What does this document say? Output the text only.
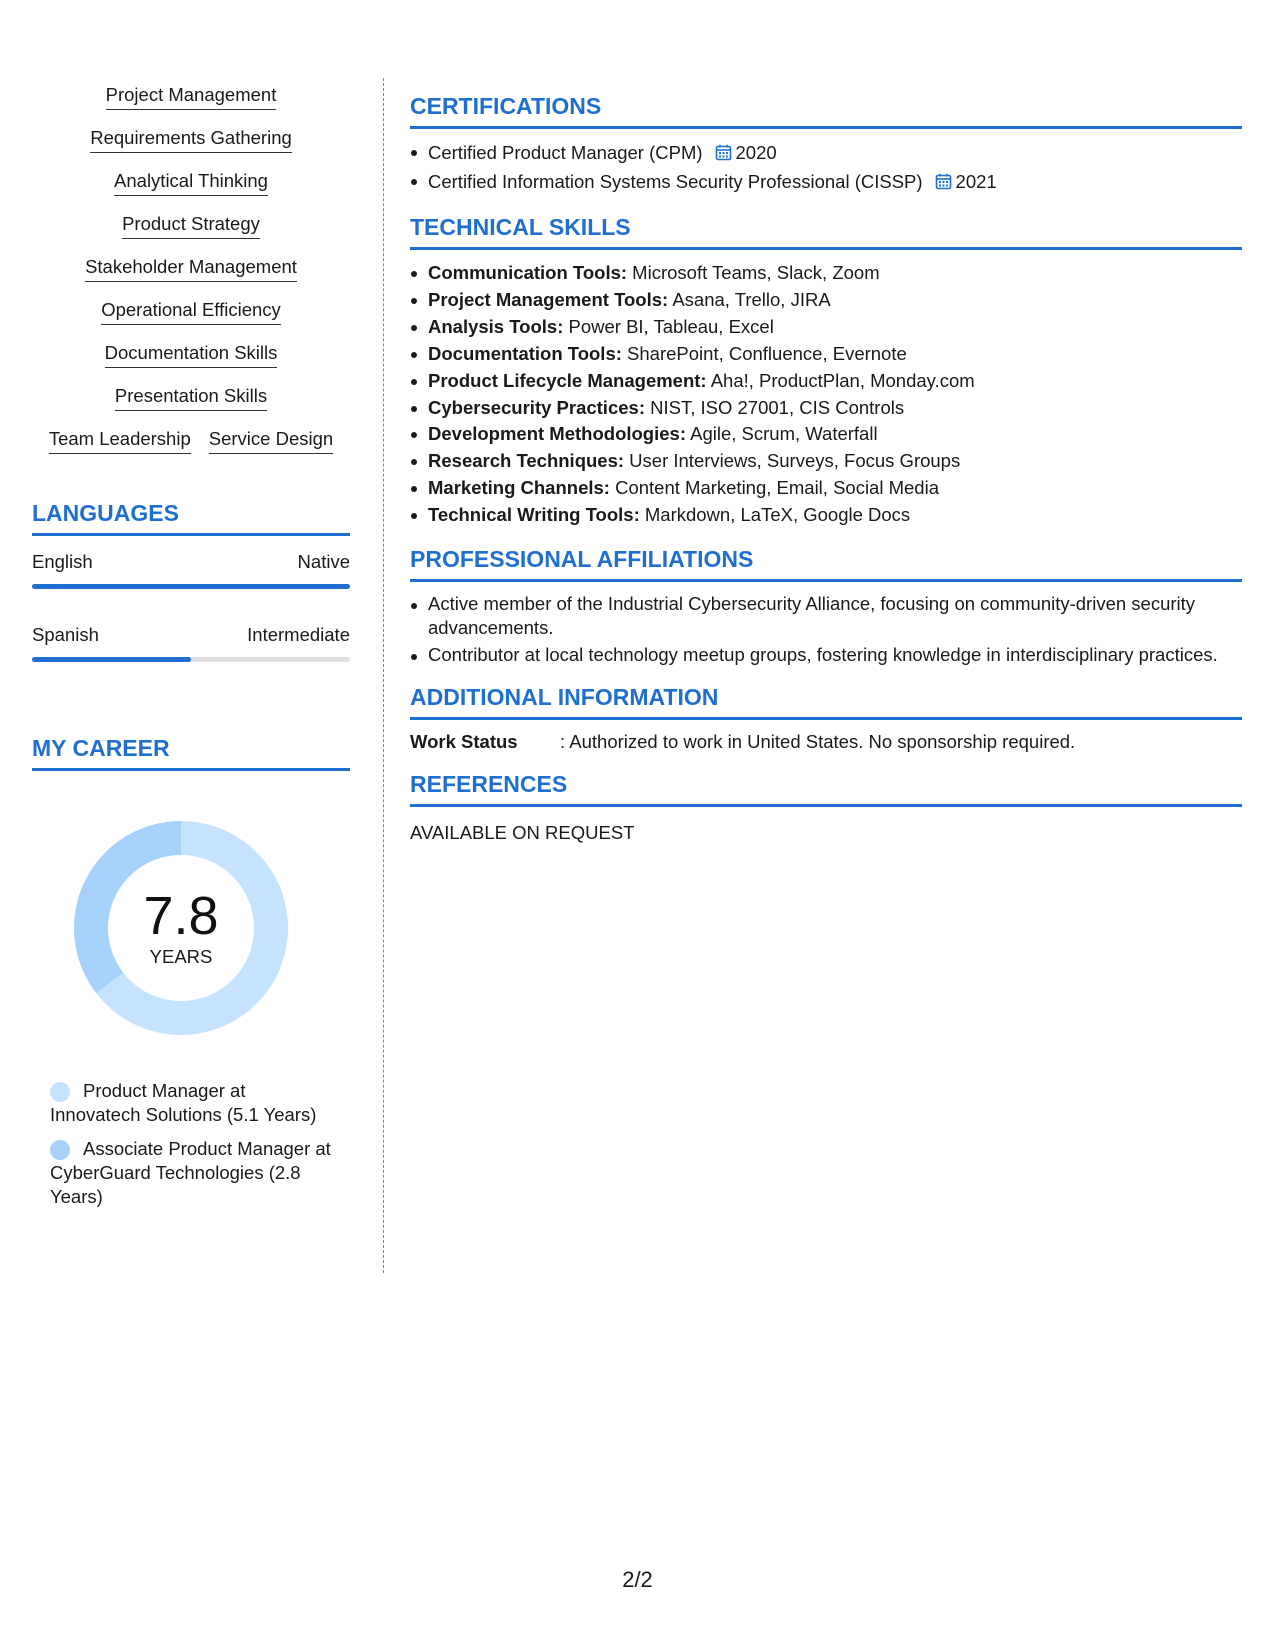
Project Management
Requirements Gathering
Analytical Thinking
Product Strategy
Stakeholder Management
Operational Efficiency
Documentation Skills
Presentation Skills
Team Leadership Service Design
LANGUAGES
English	Native
Spanish	Intermediate
MY CAREER
7.8
YEARS
Product Manager at Innovatech Solutions (5.1 Years)
Associate Product Manager at CyberGuard Technologies (2.8 Years)
CERTIFICATIONS
Certified Product Manager (CPM) 2020
Certified Information Systems Security Professional (CISSP) 2021
TECHNICAL SKILLS
Communication Tools: Microsoft Teams, Slack, Zoom
Project Management Tools: Asana, Trello, JIRA
Analysis Tools: Power BI, Tableau, Excel
Documentation Tools: SharePoint, Confluence, Evernote
Product Lifecycle Management: Aha!, ProductPlan, Monday.com
Cybersecurity Practices: NIST, ISO 27001, CIS Controls
Development Methodologies: Agile, Scrum, Waterfall
Research Techniques: User Interviews, Surveys, Focus Groups
Marketing Channels: Content Marketing, Email, Social Media
Technical Writing Tools: Markdown, LaTeX, Google Docs
PROFESSIONAL AFFILIATIONS
Active member of the Industrial Cybersecurity Alliance, focusing on community-driven security advancements.
Contributor at local technology meetup groups, fostering knowledge in interdisciplinary practices.
ADDITIONAL INFORMATION
Work Status	: Authorized to work in United States. No sponsorship required.
REFERENCES
AVAILABLE ON REQUEST
2/2
